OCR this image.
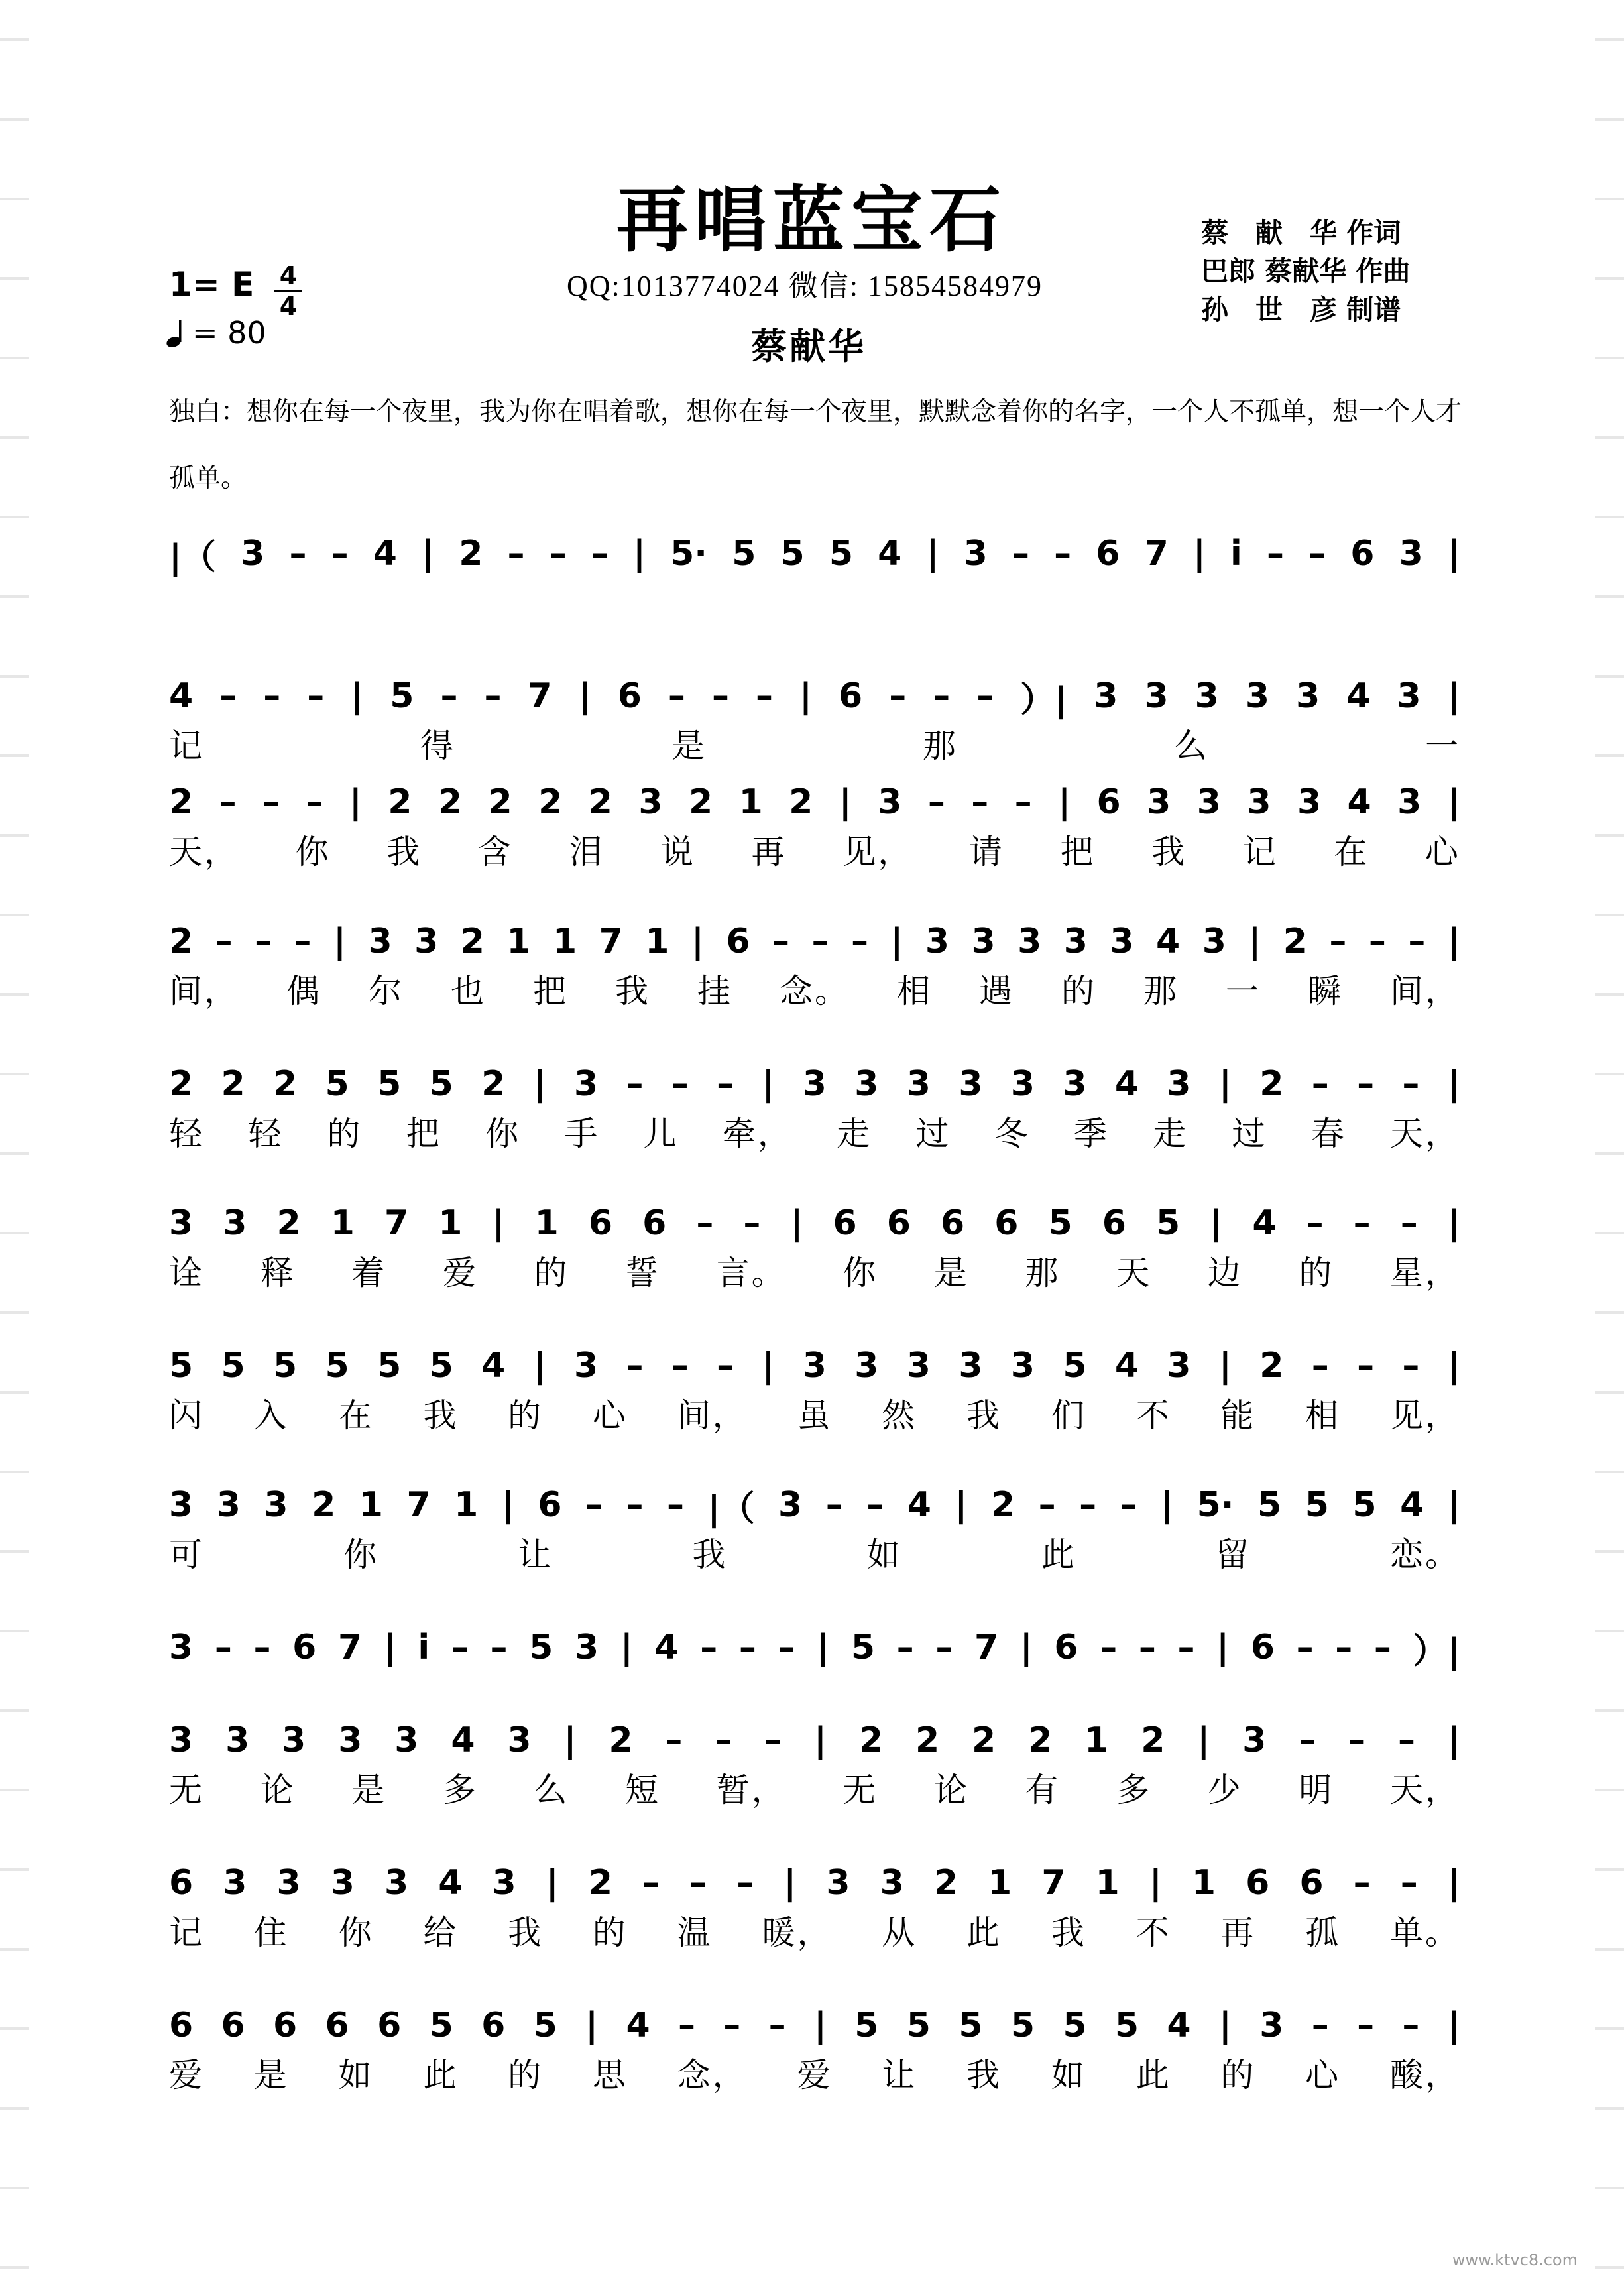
再唱蓝宝石
QQ:1013774024 微信: 15854584979
蔡献华
蔡　献　华 作词
巴郎 蔡献华 作曲
孙　世　彦 制谱
1= E 4
4
= 80
独白：想你在每一个夜里，我为你在唱着歌，想你在每一个夜里，默默念着你的名字，一个人不孤单，想一个人才孤单。
|（ 3 – – 4 | 2 – – – | 5· 5 5 5 4 | 3 – – 6 7 | i – – 6 3 |
4 – – – | 5 – – 7 | 6 – – – | 6 – – – ）| 3 3 3 3 3 4 3 |
记	得	是	那	么	一
2 – – – | 2 2 2 2 2 3 2 1 2 | 3 – – – | 6 3 3 3 3 4 3 |
天， 你 我 含 泪 说 再 见， 请 把 我 记 在 心
2 – – – | 3 3 2 1 1 7 1 | 6 – – – | 3 3 3 3 3 4 3 | 2 – – – |
间， 偶 尔 也 把 我 挂 念。 相 遇 的 那 一 瞬 间，
2 2 2 5 5 5 2 | 3 – – – | 3 3 3 3 3 3 4 3 | 2 – – – |
轻 轻 的 把 你 手 儿 牵， 走 过 冬 季 走 过 春 天，
3 3 2 1 7 1 | 1 6 6 – – | 6 6 6 6 5 6 5 | 4 – – – |
诠 释 着 爱 的 誓 言。 你 是 那 天 边 的 星，
5 5 5 5 5 5 4 | 3 – – – | 3 3 3 3 3 5 4 3 | 2 – – – |
闪 入 在 我 的 心 间， 虽 然 我 们 不 能 相 见，
3 3 3 2 1 7 1 | 6 – – – |（ 3 – – 4 | 2 – – – | 5· 5 5 5 4 |
可	你	让	我	如	此	留	恋。
3 – – 6 7 | i – – 5 3 | 4 – – – | 5 – – 7 | 6 – – – | 6 – – – ）|
3 3 3 3 3 4 3 | 2 – – – | 2 2 2 2 1 2 | 3 – – – |
无 论 是 多 么 短 暂， 无 论 有 多 少 明 天，
6 3 3 3 3 4 3 | 2 – – – | 3 3 2 1 7 1 | 1 6 6 – – |
记 住 你 给 我 的 温 暖， 从 此 我 不 再 孤 单。
6 6 6 6 6 5 6 5 | 4 – – – | 5 5 5 5 5 5 4 | 3 – – – |
爱 是 如 此 的 思 念， 爱 让 我 如 此 的 心 酸，
www.ktvc8.com
